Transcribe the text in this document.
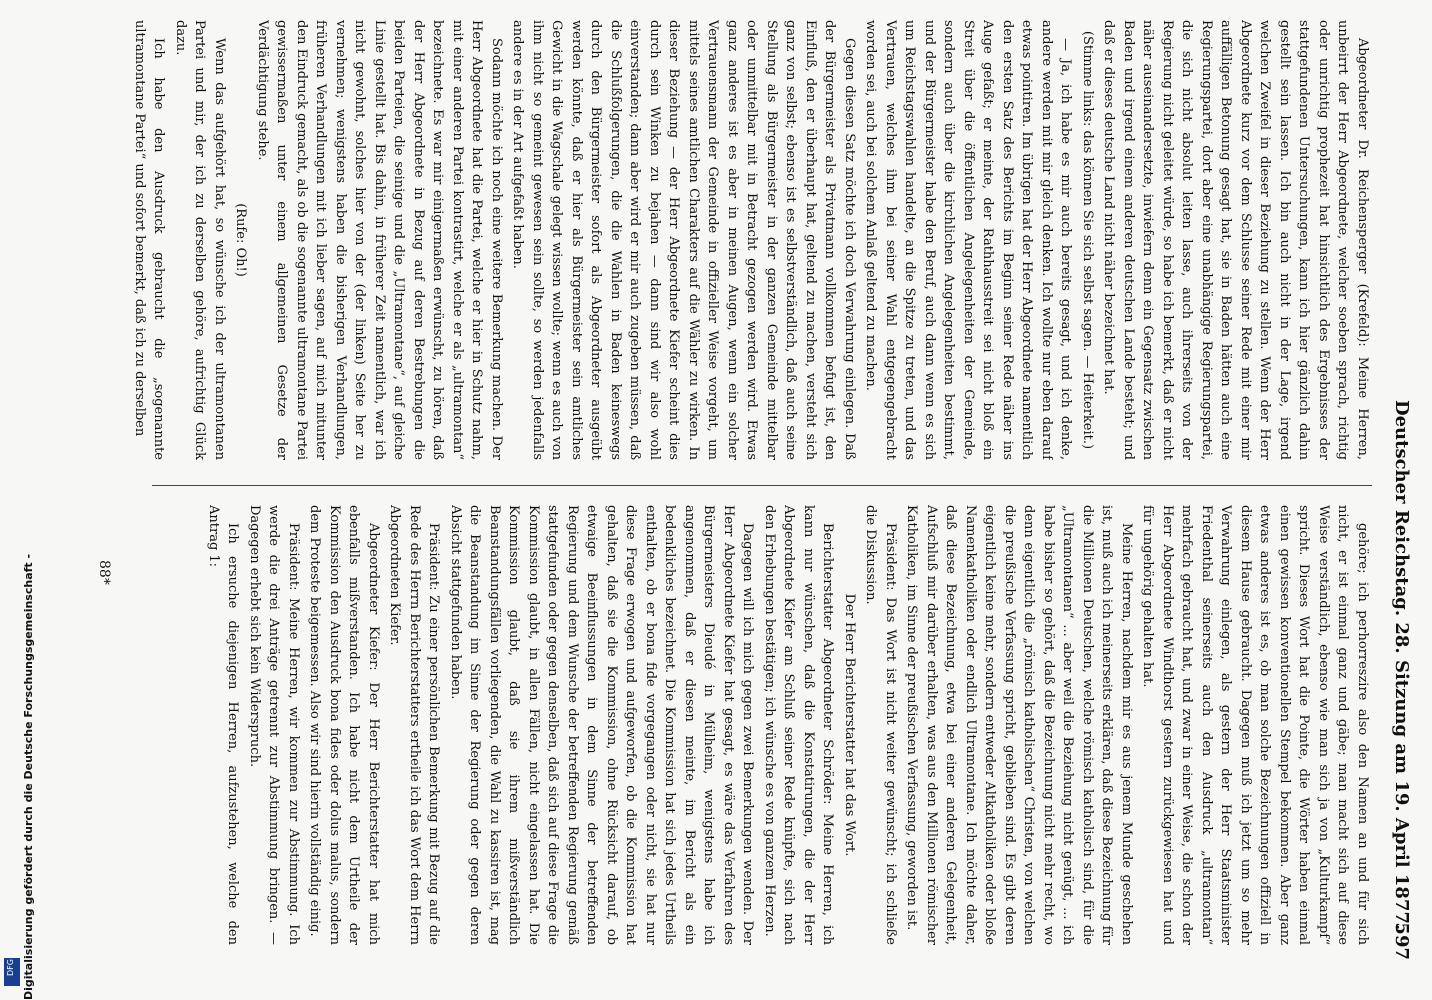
Deutscher Reichstag. 28. Sitzung am 19. April 1877.
597

Abgeordneter Dr. Reichensperger (Krefeld): Meine Herren, unbeirrt der Herr Abgeordnete, welcher soeben sprach, richtig oder unrichtig prophezeit hat hinsichtlich des Ergebnisses der stattgefundenen Untersuchungen, kann ich hier gänzlich dahin gestellt sein lassen. Ich bin auch nicht in der Lage, irgend welchen Zweifel in dieser Beziehung zu stellen. Wenn der Herr Abgeordnete kurz vor dem Schlusse seiner Rede mit einer mir auffälligen Betonung gesagt hat, sie in Baden hätten auch eine Regierungspartei, dort aber eine unabhängige Regierungspartei, die sich nicht absolut leiten lasse, auch ihrerseits von der Regierung nicht geleitet würde, so habe ich bemerkt, daß er nicht näher auseinandersetzte, inwiefern denn ein Gegensatz zwischen Baden und irgend einem anderen deutschen Lande besteht; und daß er dieses deutsche Land nicht näher bezeichnet hat.

(Stimme links: das können Sie sich selbst sagen. — Heiterkeit.)

— Ja, ich habe es mir auch bereits gesagt, und ich denke, andere werden mit mir gleich denken. Ich wollte nur eben darauf etwas pointiren. Im übrigen hat der Herr Abgeordnete namentlich den ersten Satz des Berichts im Beginn seiner Rede näher ins Auge gefaßt; er meinte, der Rathhausstreit sei nicht bloß ein Streit über die öffentlichen Angelegenheiten der Gemeinde, sondern auch über die kirchlichen Angelegenheiten bestimmt, und der Bürgermeister habe den Beruf, auch dann wenn es sich um Reichstagswahlen handelte, an die Spitze zu treten, und das Vertrauen, welches ihm bei seiner Wahl entgegengebracht worden sei, auch bei solchem Anlaß geltend zu machen.

Gegen diesen Satz möchte ich doch Verwahrung einlegen. Daß der Bürgermeister als Privatmann vollkommen befugt ist, den Einfluß, den er überhaupt hat, geltend zu machen, versteht sich ganz von selbst; ebenso ist es selbstverständlich, daß auch seine Stellung als Bürgermeister in der ganzen Gemeinde mittelbar oder unmittelbar mit in Betracht gezogen werden wird. Etwas ganz anderes ist es aber in meinen Augen, wenn ein solcher Vertrauensmann der Gemeinde in offizieller Weise vorgeht, um mittels seines amtlichen Charakters auf die Wähler zu wirken. In dieser Beziehung — der Herr Abgeordnete Kiefer scheint dies durch sein Winken zu bejahen — dann sind wir also wohl einverstanden; dann aber wird er mir auch zugeben müssen, daß die Schlußfolgerungen, die die Wahlen in Baden keineswegs durch den Bürgermeister sofort als Abgeordneter ausgeübt werden könnte, daß er hier als Bürgermeister sein amtliches Gewicht in die Wagschale gelegt wissen wollte; wenn es auch von ihm nicht so gemeint gewesen sein sollte, so werden jedenfalls andere es in der Art aufgefaßt haben.

Sodann möchte ich noch eine weitere Bemerkung machen. Der Herr Abgeordnete hat die Partei, welche er hier in Schutz nahm, mit einer anderen Partei kontrastirt, welche er als „ultramontan“ bezeichnete. Es war mir einigermaßen erwünscht, zu hören, daß der Herr Abgeordnete in Bezug auf deren Bestrebungen die beiden Parteien, die seinige und die „Ultramontane“, auf gleiche Linie gestellt hat. Bis dahin, in früherer Zeit namentlich, war ich nicht gewohnt, solches hier von der (der linken) Seite her zu vernehmen; wenigstens haben die bisherigen Verhandlungen, früheren Verhandlungen mit ich lieber sagen, auf mich mitunter den Eindruck gemacht, als ob die sogenannte ultramontane Partei gewissermaßen unter einem allgemeinen Gesetze der Verdächtigung stehe.

(Rufe: Oh!)

Wenn das aufgehört hat, so wünsche ich der ultramontanen Partei und mir, der ich zu derselben gehöre, aufrichtig Glück dazu.

Ich habe den Ausdruck gebraucht die „sogenannte ultramontane Partei“ und sofort bemerkt, daß ich zu derselben

gehöre; ich perhorreszire also den Namen an und für sich nicht, er ist einmal ganz und gäbe; man macht sich auf diese Weise verständlich, ebenso wie man sich ja von „Kulturkampf“ spricht. Dieses Wort hat die Pointe, die Wörter haben einmal einen gewissen konventionellen Stempel bekommen. Aber ganz etwas anderes ist es, ob man solche Bezeichnungen offiziell in diesem Hause gebraucht. Dagegen muß ich jetzt um so mehr Verwahrung einlegen, als gestern der Herr Staatsminister Friedenthal seinerseits auch den Ausdruck „ultramontan“ mehrfach gebraucht hat, und zwar in einer Weise, die schon der Herr Abgeordnete Windthorst gestern zurückgewiesen hat und für ungehörig gehalten hat.

Meine Herren, nachdem mir es aus jenem Munde geschehen ist, muß auch ich meinerseits erklären, daß diese Bezeichnung für die Millionen Deutschen, welche römisch katholisch sind, für die „Ultramontanen“ ... aber weil die Beziehung nicht genügt, ... ich habe bisher so gehört, daß die Bezeichnung nicht mehr recht, wo denn eigentlich die „römisch katholischen“ Christen, von welchen die preußische Verfassung spricht, geblieben sind. Es gibt deren eigentlich keine mehr, sondern entweder Altkatholiken oder bloße Namenkatholiken oder endlich Ultramontane. Ich möchte daher, daß diese Bezeichnung, etwa bei einer anderen Gelegenheit, Aufschluß mir darüber erhalten, was aus den Millionen römischer Katholiken, im Sinne der preußischen Verfassung, geworden ist.

Präsident: Das Wort ist nicht weiter gewünscht; ich schließe die Diskussion.

Der Herr Berichterstatter hat das Wort.

Berichterstatter Abgeordneter Schröder: Meine Herren, ich kann nur wünschen, daß die Konstatirungen, die der Herr Abgeordnete Kiefer am Schluß seiner Rede knüpfte, sich nach den Erhebungen bestätigen; ich wünsche es von ganzem Herzen.

Dagegen will ich mich gegen zwei Bemerkungen wenden. Der Herr Abgeordnete Kiefer hat gesagt, es wäre das Verfahren des Bürgermeisters Dieudé in Mülheim, wenigstens habe ich angenommen, daß er diesen meinte, im Bericht als ein bedenkliches bezeichnet. Die Kommission hat sich jedes Urtheils enthalten, ob er bona fide vorgegangen oder nicht, sie hat nur diese Frage erwogen und aufgeworfen, ob die Kommission hat gehalten, daß sie die Kommission, ohne Rücksicht darauf, ob etwaige Beeinflussungen in dem Sinne der betreffenden Regierung und dem Wunsche der betreffenden Regierung gemäß stattgefunden oder gegen denselben, daß sich auf diese Frage die Kommission glaubt, in allen Fällen, nicht eingelassen hat. Die Kommission glaubt, daß sie ihrem mißverständlich Beanstandungsfällen vorliegenden, die Wahl zu kassiren ist, mag die Beanstandung im Sinne der Regierung oder gegen deren Absicht stattgefunden haben.

Präsident: Zu einer persönlichen Bemerkung mit Bezug auf die Rede des Herrn Berichterstatters ertheile ich das Wort dem Herrn Abgeordneten Kiefer.

Abgeordneter Kiefer: Der Herr Berichterstatter hat mich ebenfalls mißverstanden. Ich habe nicht dem Urtheile der Kommission den Ausdruck bona fides oder dolus malus, sondern dem Proteste beigemessen. Also wir sind hierin vollständig einig.

Präsident: Meine Herren, wir kommen zur Abstimmung. Ich werde die drei Anträge getrennt zur Abstimmung bringen. — Dagegen erhebt sich kein Widerspruch.

Ich ersuche diejenigen Herren, aufzustehen, welche den Antrag 1:

88*
Digitalisierung gefördert durch die Deutsche Forschungsgemeinschaft -
DFG
